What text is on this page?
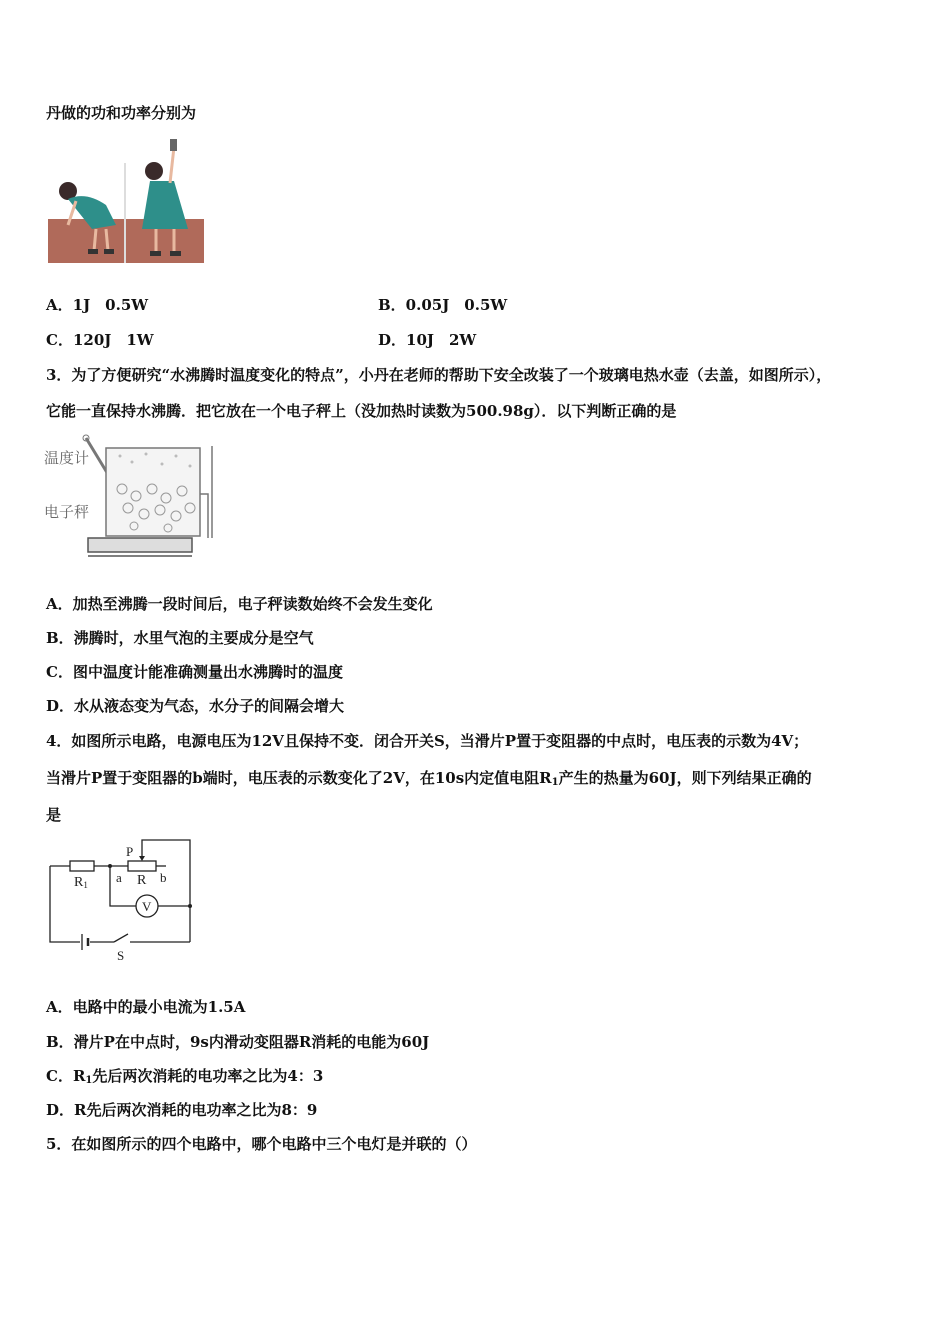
丹做的功和功率分别为
A．1J　0.5W	B．0.05J　0.5W
C．120J　1W	D．10J　2W
3．为了方便研究“水沸腾时温度变化的特点”，小丹在老师的帮助下安全改装了一个玻璃电热水壶（去盖，如图所示），
它能一直保持水沸腾．把它放在一个电子秤上（没加热时读数为500.98g）．以下判断正确的是
温度计
电子秤
A．加热至沸腾一段时间后，电子秤读数始终不会发生变化
B．沸腾时，水里气泡的主要成分是空气
C．图中温度计能准确测量出水沸腾时的温度
D．水从液态变为气态，水分子的间隔会增大
4．如图所示电路，电源电压为12V且保持不变．闭合开关S，当滑片P置于变阻器的中点时，电压表的示数为4V；
当滑片P置于变阻器的b端时，电压表的示数变化了2V，在10s内定值电阻$R_1$产生的热量为60J，则下列结果正确的
是
R1
P
a R b
V
S
A．电路中的最小电流为1.5A
B．滑片P在中点时，9s内滑动变阻器R消耗的电能为60J
C．$R_1$先后两次消耗的电功率之比为4：3
D．R先后两次消耗的电功率之比为8：9
5．在如图所示的四个电路中，哪个电路中三个电灯是并联的（）
